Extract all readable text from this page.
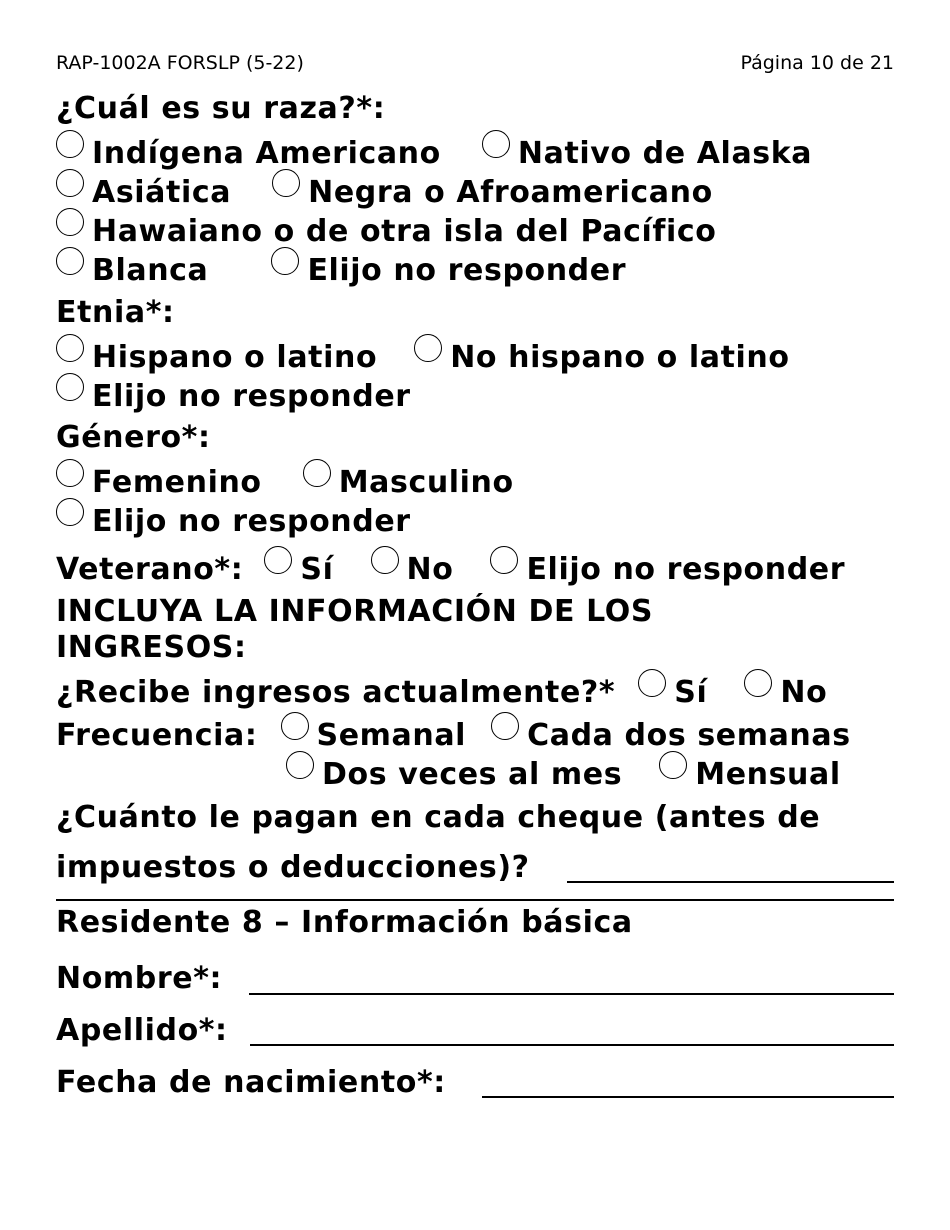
RAP-1002A FORSLP (5-22)	Página 10 de 21
¿Cuál es su raza?*:
Indígena Americano	Nativo de Alaska
Asiática	Negra o Afroamericano
Hawaiano o de otra isla del Pacífico
Blanca	Elijo no responder
Etnia*:
Hispano o latino No hispano o latino
Elijo no responder
Género*:
Femenino	Masculino
Elijo no responder
Veterano*: Sí No Elijo no responder
INCLUYA LA INFORMACIÓN DE LOS
INGRESOS:
¿Recibe ingresos actualmente?* Sí No
Frecuencia: Semanal Cada dos semanas
Dos veces al mes Mensual
¿Cuánto le pagan en cada cheque (antes de
impuestos o deducciones)?
Residente 8 – Información básica
Nombre*:
Apellido*:
Fecha de nacimiento*:
